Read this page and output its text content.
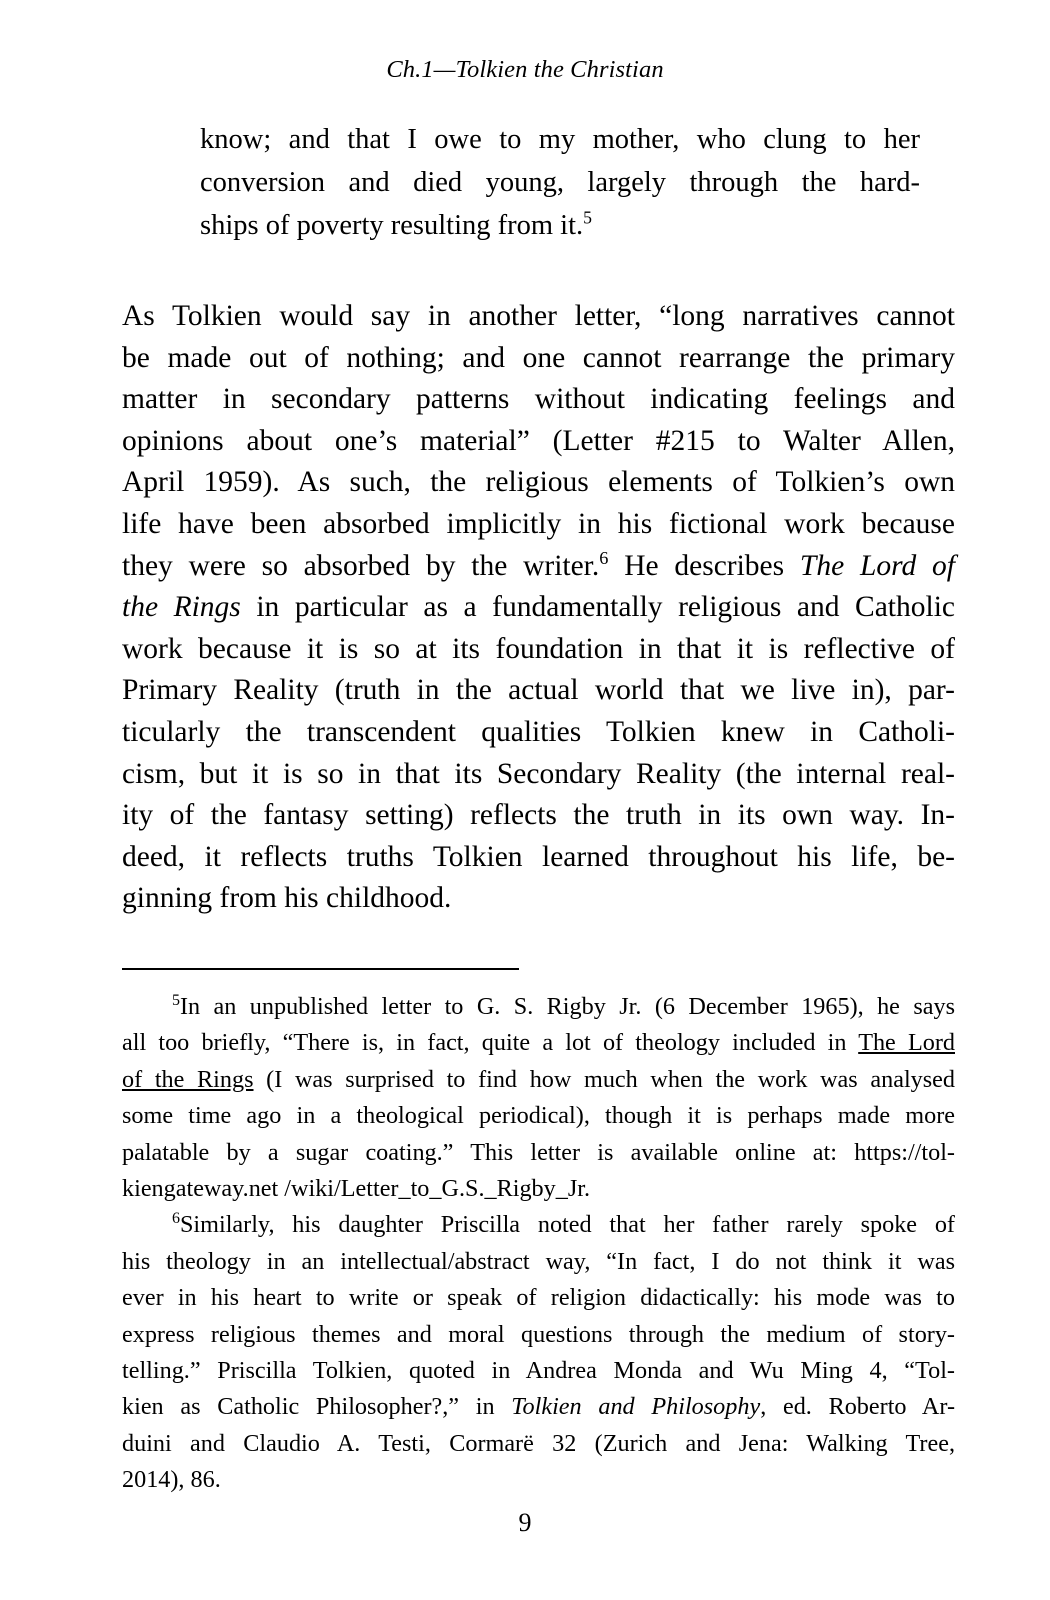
Ch.1—Tolkien the Christian
know; and that I owe to my mother, who clung to her
conversion and died young, largely through the hard-
ships of poverty resulting from it.$^5$
As Tolkien would say in another letter, “long narratives cannot
be made out of nothing; and one cannot rearrange the primary
matter in secondary patterns without indicating feelings and
opinions about one’s material” (Letter #215 to Walter Allen,
April 1959). As such, the religious elements of Tolkien’s own
life have been absorbed implicitly in his fictional work because
they were so absorbed by the writer.$^6$ He describes The Lord of
the Rings in particular as a fundamentally religious and Catholic
work because it is so at its foundation in that it is reflective of
Primary Reality (truth in the actual world that we live in), par-
ticularly the transcendent qualities Tolkien knew in Catholi-
cism, but it is so in that its Secondary Reality (the internal real-
ity of the fantasy setting) reflects the truth in its own way. In-
deed, it reflects truths Tolkien learned throughout his life, be-
ginning from his childhood.

$^5$In an unpublished letter to G. S. Rigby Jr. (6 December 1965), he says
all too briefly, “There is, in fact, quite a lot of theology included in The Lord
of the Rings (I was surprised to find how much when the work was analysed
some time ago in a theological periodical), though it is perhaps made more
palatable by a sugar coating.” This letter is available online at: https://tol-
kiengateway.net /wiki/Letter_to_G.S._Rigby_Jr.

$^6$Similarly, his daughter Priscilla noted that her father rarely spoke of
his theology in an intellectual/abstract way, “In fact, I do not think it was
ever in his heart to write or speak of religion didactically: his mode was to
express religious themes and moral questions through the medium of story-
telling.” Priscilla Tolkien, quoted in Andrea Monda and Wu Ming 4, “Tol-
kien as Catholic Philosopher?,” in Tolkien and Philosophy, ed. Roberto Ar-
duini and Claudio A. Testi, Cormarë 32 (Zurich and Jena: Walking Tree,
2014), 86.

9
